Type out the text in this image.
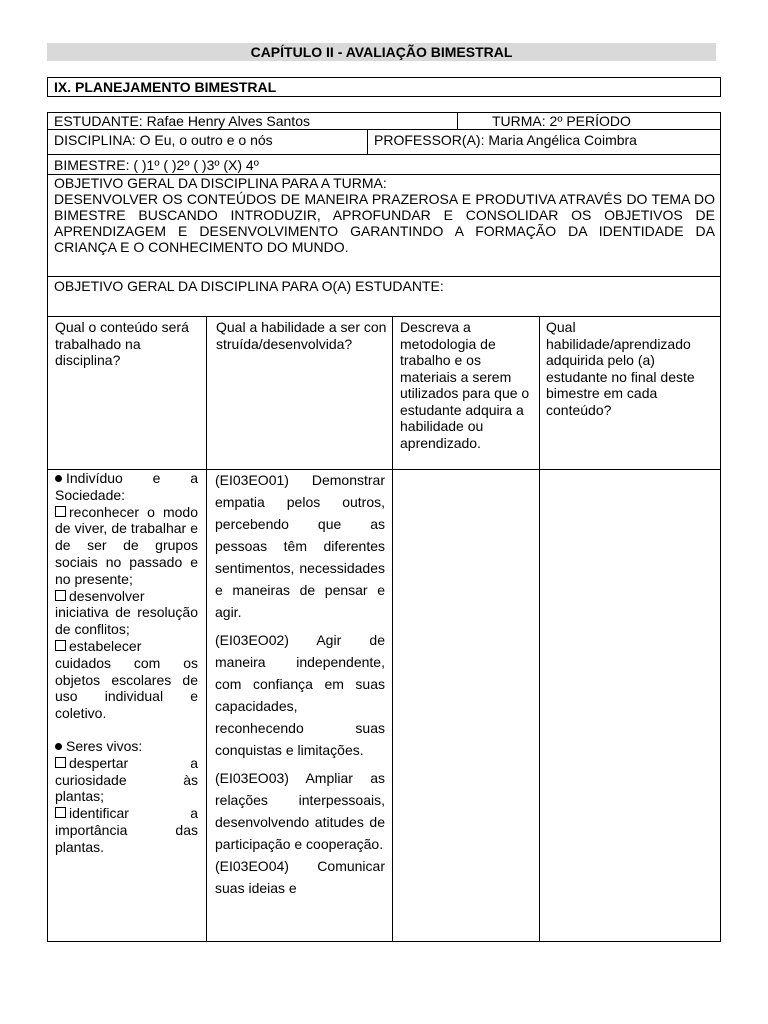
CAPÍTULO II - AVALIAÇÃO BIMESTRAL
IX. PLANEJAMENTO BIMESTRAL
ESTUDANTE: Rafae Henry Alves Santos	TURMA: 2º PERÍODO
DISCIPLINA: O Eu, o outro e o nós	PROFESSOR(A): Maria Angélica Coimbra
BIMESTRE: ( )1º ( )2º ( )3º (X) 4º
OBJETIVO GERAL DA DISCIPLINA PARA A TURMA:
DESENVOLVER OS CONTEÚDOS DE MANEIRA PRAZEROSA E PRODUTIVA ATRAVÉS DO TEMA DO BIMESTRE BUSCANDO INTRODUZIR, APROFUNDAR E CONSOLIDAR OS OBJETIVOS DE APRENDIZAGEM E DESENVOLVIMENTO GARANTINDO A FORMAÇÃO DA IDENTIDADE DA CRIANÇA E O CONHECIMENTO DO MUNDO.
OBJETIVO GERAL DA DISCIPLINA PARA O(A) ESTUDANTE:
Qual o conteúdo será trabalhado na disciplina?
Qual a habilidade a ser construída/desenvolvida?
Descreva a metodologia de trabalho e os materiais a serem utilizados para que o estudante adquira a habilidade ou aprendizado.
Qual habilidade/aprendizado adquirida pelo (a) estudante no final deste bimestre em cada conteúdo?
Indivíduo e a Sociedade:
reconhecer o modo de viver, de trabalhar e de ser de grupos sociais no passado e no presente;
desenvolver iniciativa de resolução de conflitos;
estabelecer cuidados com os objetos escolares de uso individual e coletivo.
Seres vivos:
despertar a curiosidade às plantas;
identificar a importância das plantas.

(EI03EO01) Demonstrar empatia pelos outros, percebendo que as pessoas têm diferentes sentimentos, necessidades e maneiras de pensar e agir.

(EI03EO02) Agir de maneira independente, com confiança em suas capacidades, reconhecendo suas conquistas e limitações.

(EI03EO03) Ampliar as relações interpessoais, desenvolvendo atitudes de participação e cooperação.

(EI03EO04) Comunicar suas ideias e
